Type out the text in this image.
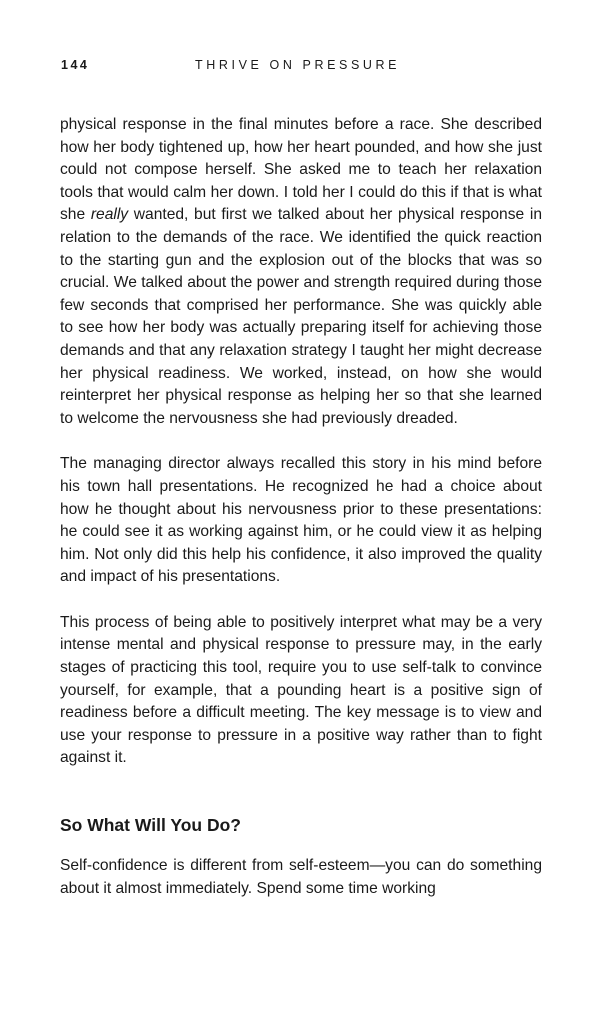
144	THRIVE ON PRESSURE

physical response in the final minutes before a race. She described how her body tightened up, how her heart pounded, and how she just could not compose herself. She asked me to teach her relaxation tools that would calm her down. I told her I could do this if that is what she really wanted, but first we talked about her physical response in relation to the demands of the race. We identified the quick reaction to the starting gun and the explosion out of the blocks that was so crucial. We talked about the power and strength required during those few seconds that comprised her performance. She was quickly able to see how her body was actually preparing itself for achieving those demands and that any relaxation strategy I taught her might decrease her physical readiness. We worked, instead, on how she would reinterpret her physical response as helping her so that she learned to welcome the nervousness she had previously dreaded.

The managing director always recalled this story in his mind before his town hall presentations. He recognized he had a choice about how he thought about his nervousness prior to these presentations: he could see it as working against him, or he could view it as helping him. Not only did this help his confidence, it also improved the quality and impact of his presentations.

This process of being able to positively interpret what may be a very intense mental and physical response to pressure may, in the early stages of practicing this tool, require you to use self-talk to convince yourself, for example, that a pounding heart is a positive sign of readiness before a difficult meeting. The key message is to view and use your response to pressure in a positive way rather than to fight against it.

So What Will You Do?

Self-confidence is different from self-esteem—you can do something about it almost immediately. Spend some time working
